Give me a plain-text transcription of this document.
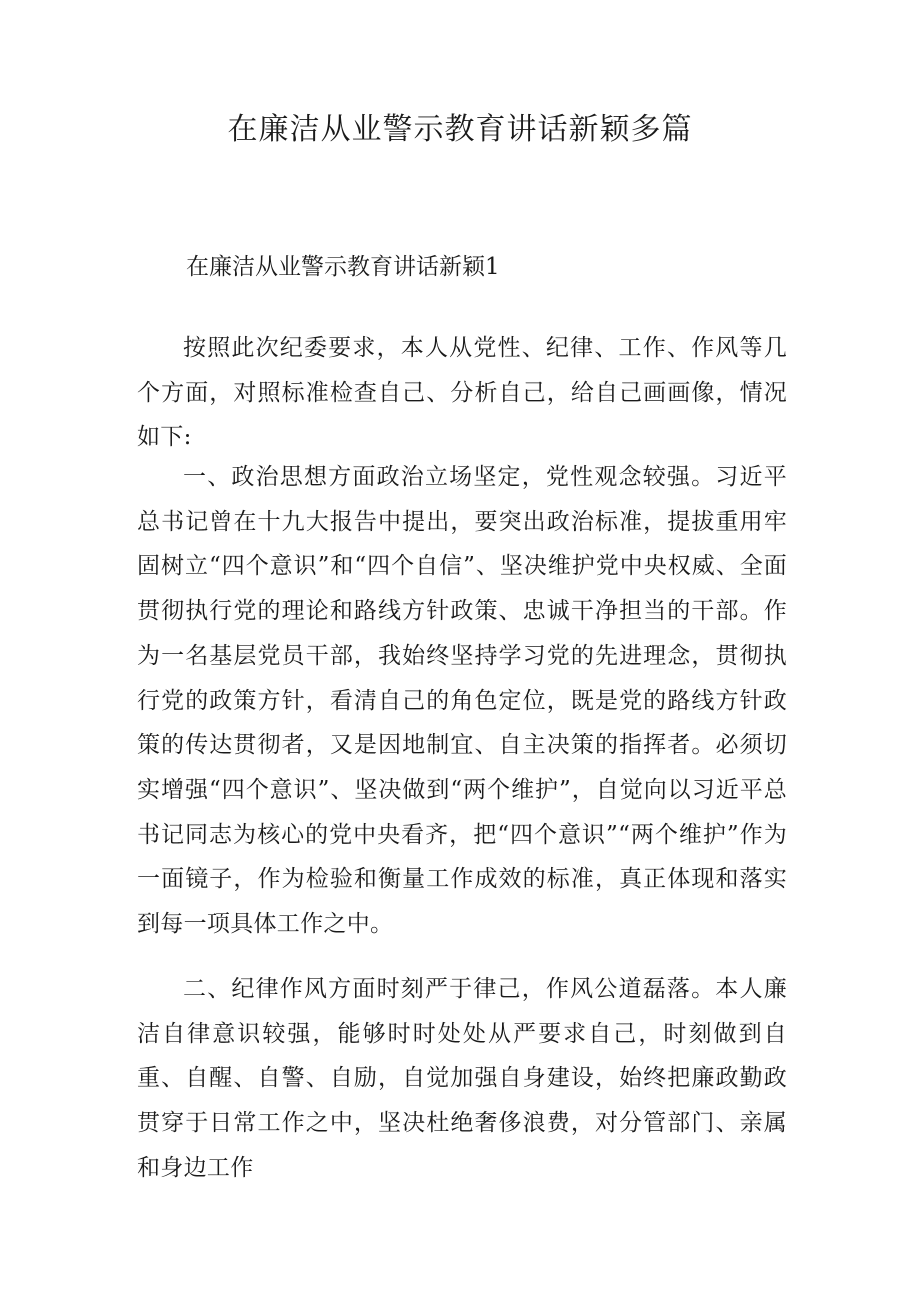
在廉洁从业警示教育讲话新颖多篇
在廉洁从业警示教育讲话新颖1

按照此次纪委要求，本人从党性、纪律、工作、作风等几个方面，对照标准检查自己、分析自己，给自己画画像，情况如下:

一、政治思想方面政治立场坚定，党性观念较强。习近平总书记曾在十九大报告中提出，要突出政治标准，提拔重用牢固树立“四个意识”和“四个自信”、坚决维护党中央权威、全面贯彻执行党的理论和路线方针政策、忠诚干净担当的干部。作为一名基层党员干部，我始终坚持学习党的先进理念，贯彻执行党的政策方针，看清自己的角色定位，既是党的路线方针政策的传达贯彻者，又是因地制宜、自主决策的指挥者。必须切实增强“四个意识”、坚决做到“两个维护”，自觉向以习近平总书记同志为核心的党中央看齐，把“四个意识”“两个维护”作为一面镜子，作为检验和衡量工作成效的标准，真正体现和落实到每一项具体工作之中。

二、纪律作风方面时刻严于律己，作风公道磊落。本人廉洁自律意识较强，能够时时处处从严要求自己，时刻做到自重、自醒、自警、自励，自觉加强自身建设，始终把廉政勤政贯穿于日常工作之中，坚决杜绝奢侈浪费，对分管部门、亲属和身边工作
